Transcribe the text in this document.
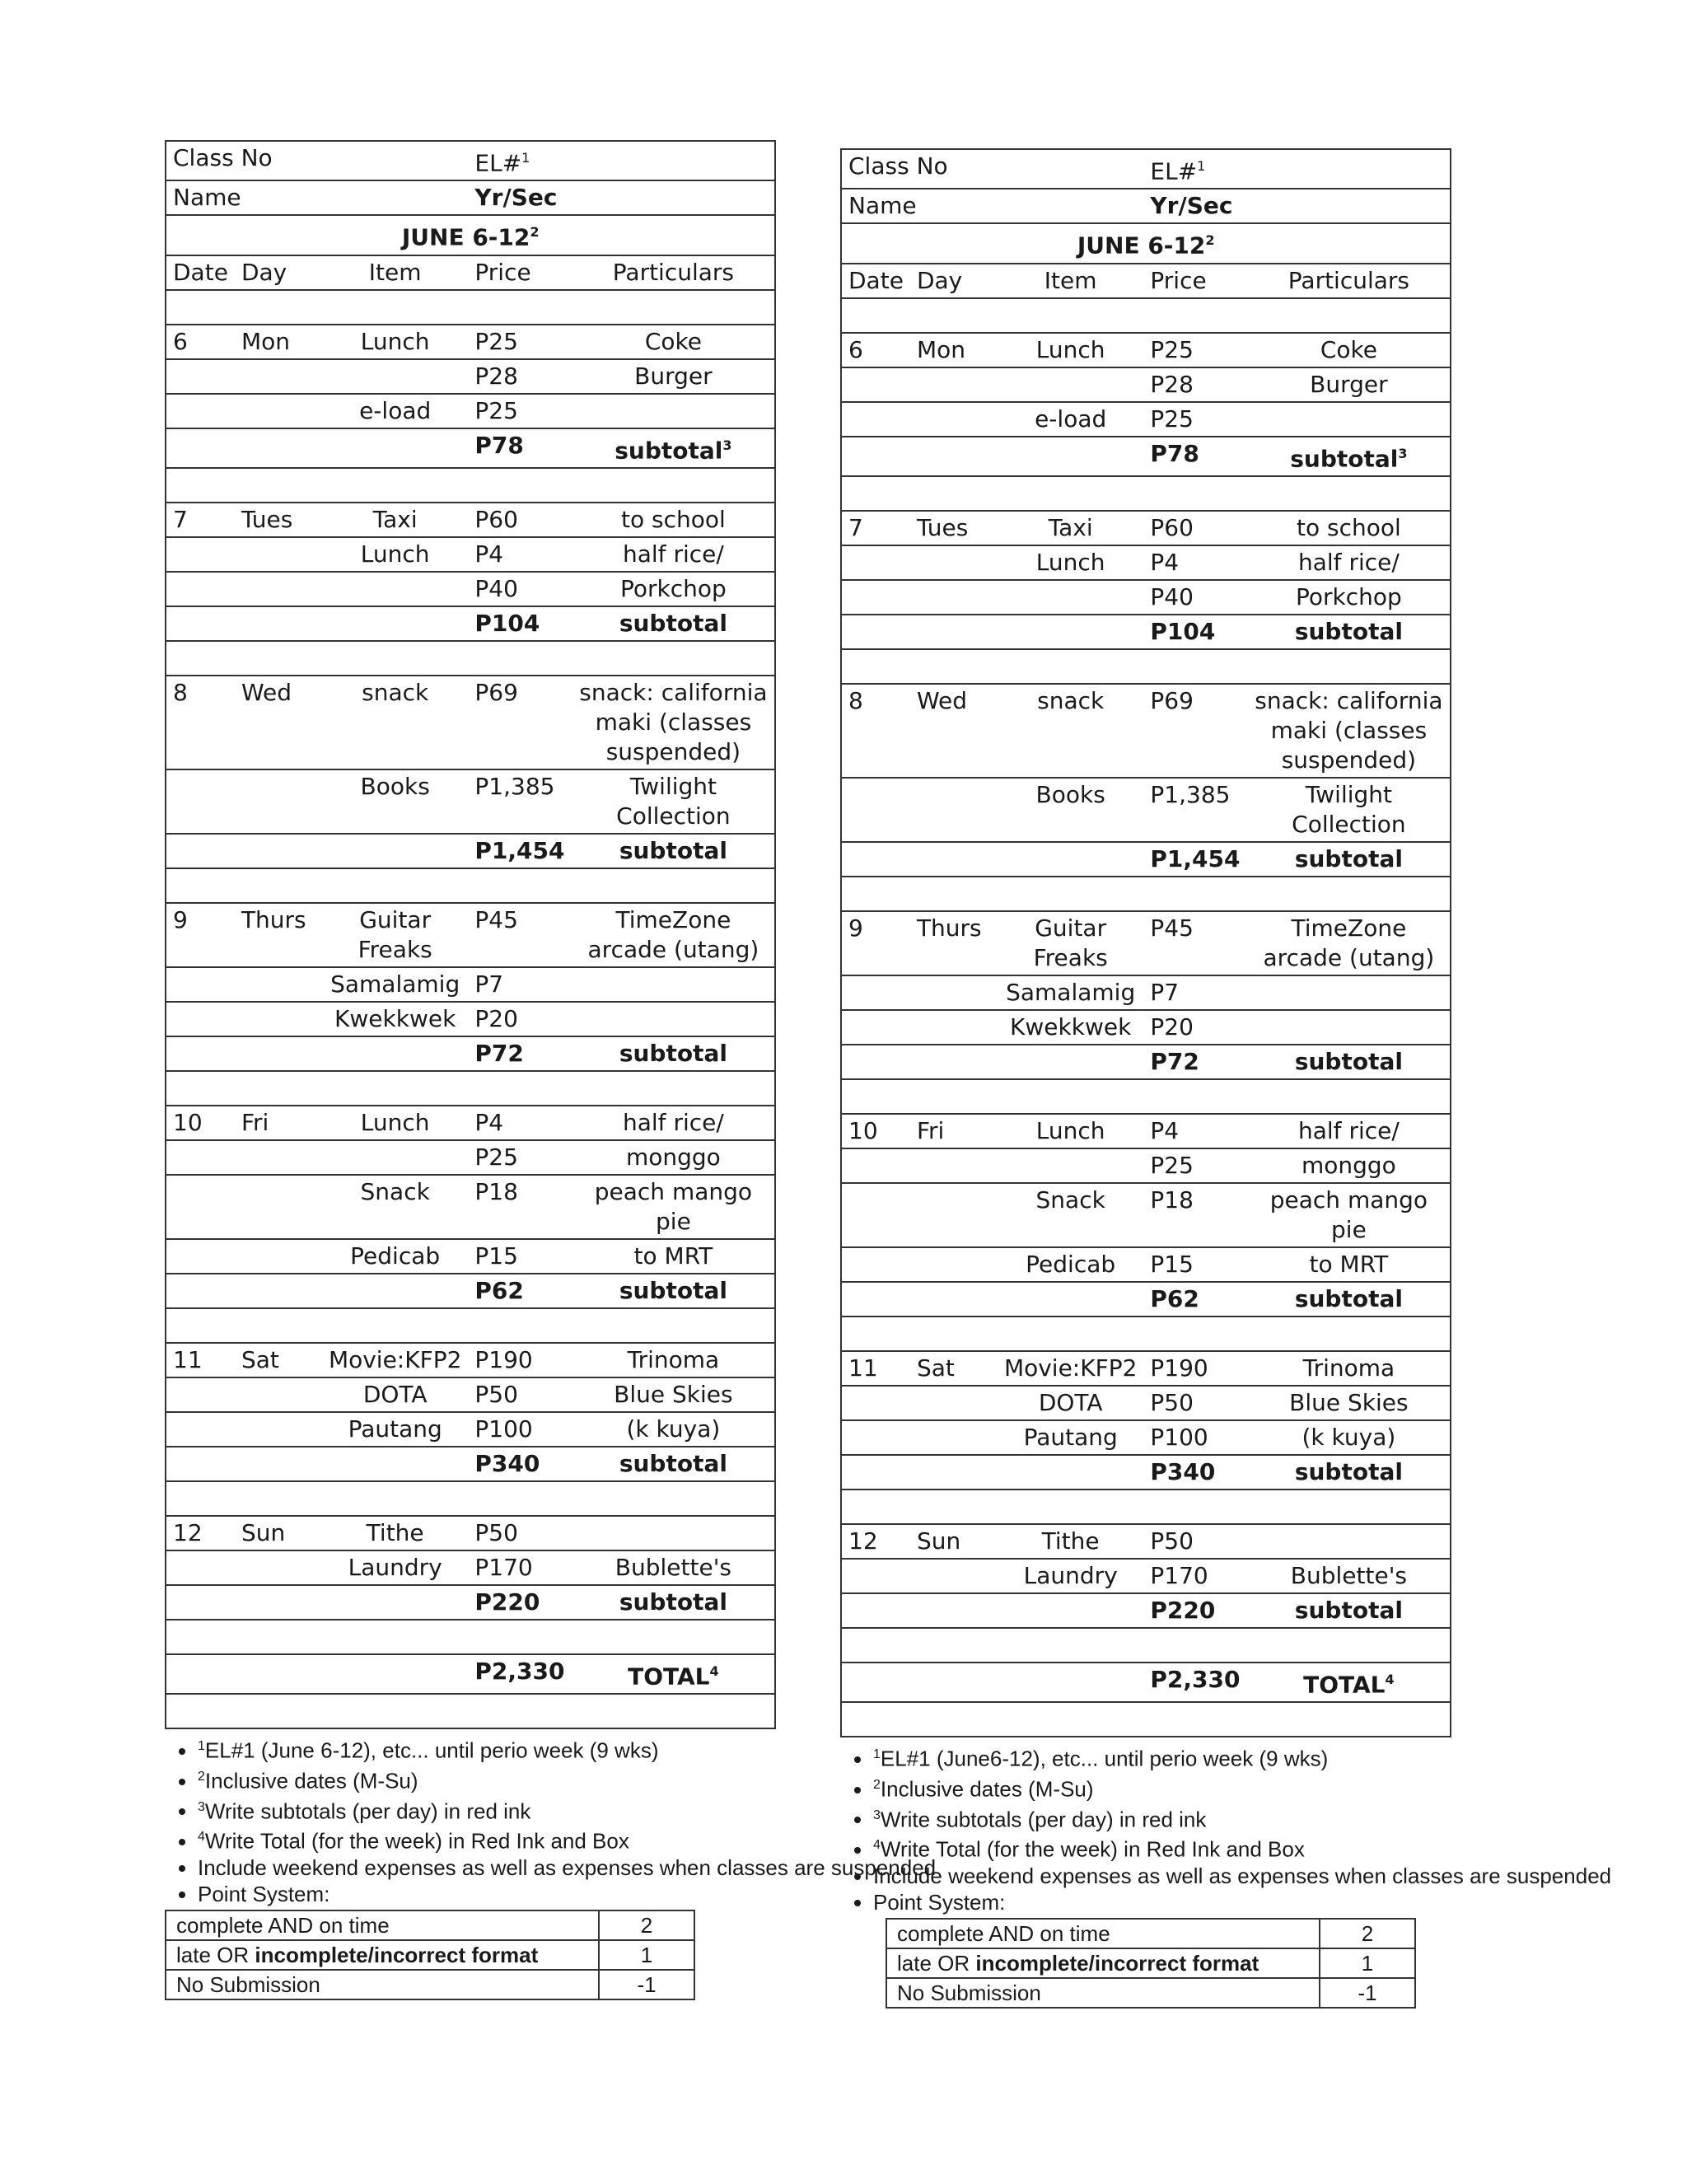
Class No			EL#$^1$
Name			Yr/Sec	
JUNE $6-12^2$
Date	Day	Item	Price	Particulars

6	Mon	Lunch	P25	Coke
			P28	Burger
		e-load	P25	
			P78	subtotal$^3$

7	Tues	Taxi	P60	to school
		Lunch	P4	half rice/
			P40	Porkchop
			P104	subtotal

8	Wed	snack	P69	snack: california maki (classes suspended)
		Books	P1,385	Twilight Collection
			P1,454	subtotal

9	Thurs	Guitar Freaks	P45	TimeZone arcade (utang)
		Samalamig	P7	
		Kwekkwek	P20	
			P72	subtotal

10	Fri	Lunch	P4	half rice/
			P25	monggo
		Snack	P18	peach mango pie
		Pedicab	P15	to MRT
			P62	subtotal

11	Sat	Movie:KFP2	P190	Trinoma
		DOTA	P50	Blue Skies
		Pautang	P100	(k kuya)
			P340	subtotal

12	Sun	Tithe	P50	
		Laundry	P170	Bublette's
			P220	subtotal

			P2,330	TOTAL$^4$

• $^1$EL#1 (June 6-12), etc... until perio week (9 wks)
• $^2$Inclusive dates (M-Su)
• $^3$Write subtotals (per day) in red ink
• $^4$Write Total (for the week) in Red Ink and Box
• Include weekend expenses as well as expenses when classes are suspended
• Point System:
complete AND on time	2
late OR incomplete/incorrect format	1
No Submission	-1
Class No			EL#$^1$
Name			Yr/Sec	
JUNE $6-12^2$
Date	Day	Item	Price	Particulars

6	Mon	Lunch	P25	Coke
			P28	Burger
		e-load	P25	
			P78	subtotal$^3$

7	Tues	Taxi	P60	to school
		Lunch	P4	half rice/
			P40	Porkchop
			P104	subtotal

8	Wed	snack	P69	snack: california maki (classes suspended)
		Books	P1,385	Twilight Collection
			P1,454	subtotal

9	Thurs	Guitar Freaks	P45	TimeZone arcade (utang)
		Samalamig	P7	
		Kwekkwek	P20	
			P72	subtotal

10	Fri	Lunch	P4	half rice/
			P25	monggo
		Snack	P18	peach mango pie
		Pedicab	P15	to MRT
			P62	subtotal

11	Sat	Movie:KFP2	P190	Trinoma
		DOTA	P50	Blue Skies
		Pautang	P100	(k kuya)
			P340	subtotal

12	Sun	Tithe	P50	
		Laundry	P170	Bublette's
			P220	subtotal

			P2,330	TOTAL$^4$

• $^1$EL#1 (June6-12), etc... until perio week (9 wks)
• $^2$Inclusive dates (M-Su)
• $^3$Write subtotals (per day) in red ink
• $^4$Write Total (for the week) in Red Ink and Box
• Include weekend expenses as well as expenses when classes are suspended
• Point System:
complete AND on time	2
late OR incomplete/incorrect format	1
No Submission	-1
